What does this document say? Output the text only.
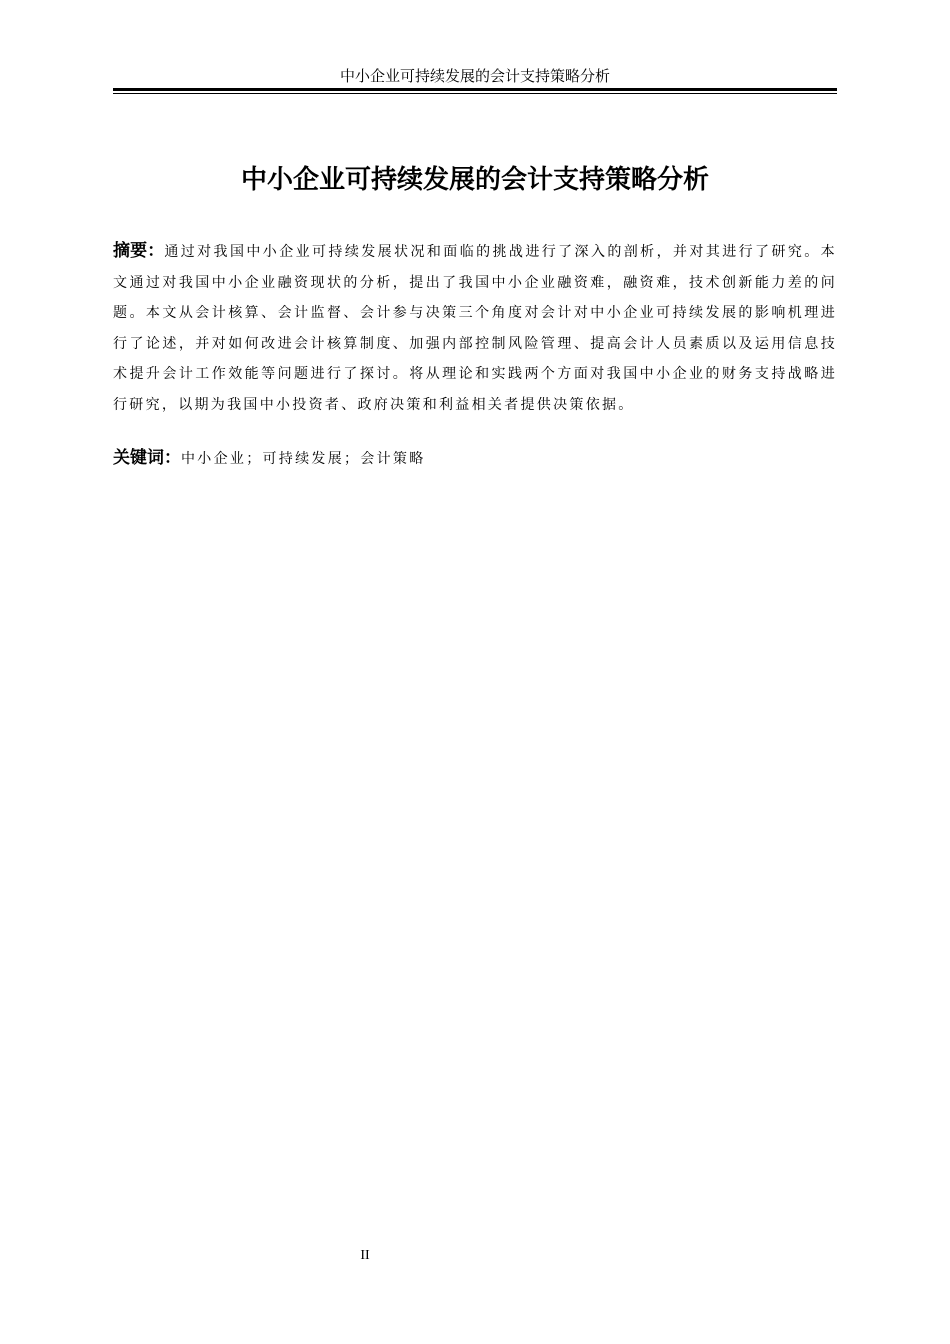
中小企业可持续发展的会计支持策略分析
中小企业可持续发展的会计支持策略分析

摘要：通过对我国中小企业可持续发展状况和面临的挑战进行了深入的剖析，并对其进行了研究。本文通过对我国中小企业融资现状的分析，提出了我国中小企业融资难，融资难，技术创新能力差的问题。本文从会计核算、会计监督、会计参与决策三个角度对会计对中小企业可持续发展的影响机理进行了论述，并对如何改进会计核算制度、加强内部控制风险管理、提高会计人员素质以及运用信息技术提升会计工作效能等问题进行了探讨。将从理论和实践两个方面对我国中小企业的财务支持战略进行研究，以期为我国中小投资者、政府决策和利益相关者提供决策依据。

关键词：中小企业；可持续发展；会计策略

II
